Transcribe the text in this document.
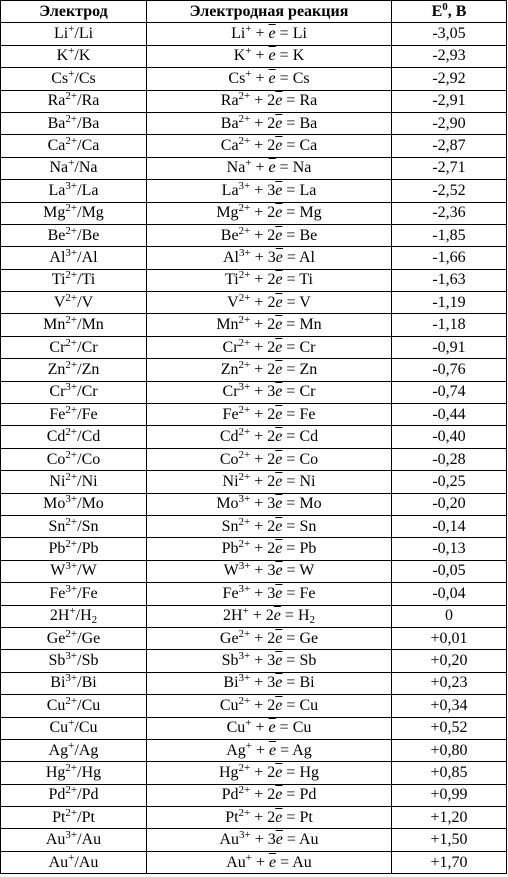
Электрод	Электродная реакция	$E^0$, В
Li+/Li	$Li^+ + \overline{e} = Li$	-3,05
K+/K	$K^+ + \overline{e} = K$	-2,93
Cs+/Cs	$Cs^+ + \overline{e} = Cs$	-2,92
$Ra^{2+}/Ra$	$Ra^{2+} + 2\overline{e} = Ra$	-2,91
$Ba^{2+}/Ba$	$Ba^{2+} + 2\overline{e} = Ba$	-2,90
$Ca^{2+}/Ca$	$Ca^{2+} + 2\overline{e} = Ca$	-2,87
Na+/Na	$Na^+ + \overline{e} = Na$	-2,71
$La^{3+}/La$	$La^{3+} + 3\overline{e} = La$	-2,52
$Mg^{2+}/Mg$	$Mg^{2+} + 2\overline{e} = Mg$	-2,36
$Be^{2+}/Be$	$Be^{2+} + 2\overline{e} = Be$	-1,85
$Al^{3+}/Al$	$Al^{3+} + 3\overline{e} = Al$	-1,66
$Ti^{2+}/Ti$	$Ti^{2+} + 2\overline{e} = Ti$	-1,63
$V^{2+}/V$	$V^{2+} + 2\overline{e} = V$	-1,19
$Mn^{2+}/Mn$	$Mn^{2+} + 2\overline{e} = Mn$	-1,18
$Cr^{2+}/Cr$	$Cr^{2+} + 2\overline{e} = Cr$	-0,91
$Zn^{2+}/Zn$	$Zn^{2+} + 2\overline{e} = Zn$	-0,76
$Cr^{3+}/Cr$	$Cr^{3+} + 3\overline{e} = Cr$	-0,74
$Fe^{2+}/Fe$	$Fe^{2+} + 2\overline{e} = Fe$	-0,44
$Cd^{2+}/Cd$	$Cd^{2+} + 2\overline{e} = Cd$	-0,40
$Co^{2+}/Co$	$Co^{2+} + 2\overline{e} = Co$	-0,28
$Ni^{2+}/Ni$	$Ni^{2+} + 2\overline{e} = Ni$	-0,25
$Mo^{3+}/Mo$	$Mo^{3+} + 3\overline{e} = Mo$	-0,20
$Sn^{2+}/Sn$	$Sn^{2+} + 2\overline{e} = Sn$	-0,14
$Pb^{2+}/Pb$	$Pb^{2+} + 2\overline{e} = Pb$	-0,13
$W^{3+}/W$	$W^{3+} + 3\overline{e} = W$	-0,05
$Fe^{3+}/Fe$	$Fe^{3+} + 3\overline{e} = Fe$	-0,04
$2H^+/H_2$	$2H^+ + 2\overline{e} = H_2$	0
$Ge^{2+}/Ge$	$Ge^{2+} + 2\overline{e} = Ge$	+0,01
$Sb^{3+}/Sb$	$Sb^{3+} + 3\overline{e} = Sb$	+0,20
$Bi^{3+}/Bi$	$Bi^{3+} + 3\overline{e} = Bi$	+0,23
$Cu^{2+}/Cu$	$Cu^{2+} + 2\overline{e} = Cu$	+0,34
Cu+/Cu	$Cu^+ + \overline{e} = Cu$	+0,52
Ag+/Ag	$Ag^+ + \overline{e} = Ag$	+0,80
$Hg^{2+}/Hg$	$Hg^{2+} + 2\overline{e} = Hg$	+0,85
$Pd^{2+}/Pd$	$Pd^{2+} + 2\overline{e} = Pd$	+0,99
$Pt^{2+}/Pt$	$Pt^{2+} + 2\overline{e} = Pt$	+1,20
$Au^{3+}/Au$	$Au^{3+} + 3\overline{e} = Au$	+1,50
Au+/Au	$Au^+ + \overline{e} = Au$	+1,70
